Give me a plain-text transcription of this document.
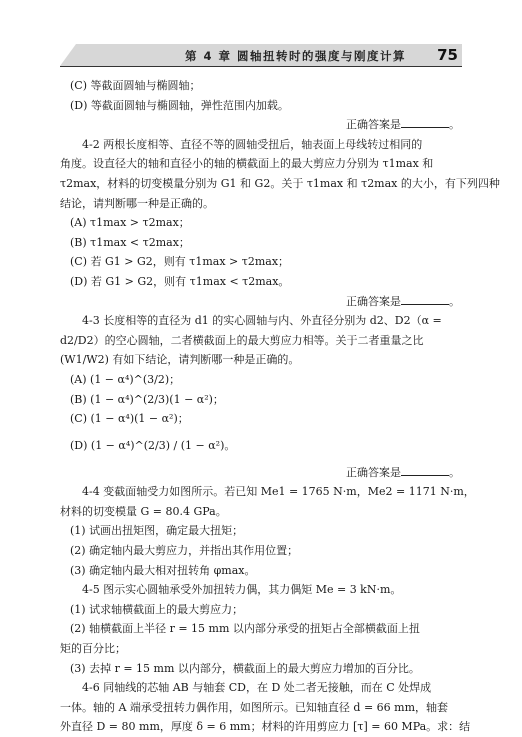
第 4 章 圆轴扭转时的强度与刚度计算 75
(C) 等截面圆轴与椭圆轴；
(D) 等截面圆轴与椭圆轴，弹性范围内加载。
正确答案是	。
4-2 两根长度相等、直径不等的圆轴受扭后，轴表面上母线转过相同的
角度。设直径大的轴和直径小的轴的横截面上的最大剪应力分别为 τ1max 和
τ2max，材料的切变模量分别为 G1 和 G2。关于 τ1max 和 τ2max 的大小，有下列四种
结论，请判断哪一种是正确的。
(A) τ1max > τ2max；
(B) τ1max < τ2max；
(C) 若 G1 > G2，则有 τ1max > τ2max；
(D) 若 G1 > G2，则有 τ1max < τ2max。
正确答案是	。
4-3 长度相等的直径为 d1 的实心圆轴与内、外直径分别为 d2、D2（α =
d2/D2）的空心圆轴，二者横截面上的最大剪应力相等。关于二者重量之比
(W1/W2) 有如下结论，请判断哪一种是正确的。
(A) (1 − α⁴)^(3/2)；
(B) (1 − α⁴)^(2/3)(1 − α²)；
(C) (1 − α⁴)(1 − α²)；
(D) (1 − α⁴)^(2/3) / (1 − α²)。
正确答案是	。
4-4 变截面轴受力如图所示。若已知 Me1 = 1765 N·m，Me2 = 1171 N·m，
材料的切变模量 G = 80.4 GPa。
(1) 试画出扭矩图，确定最大扭矩；
(2) 确定轴内最大剪应力，并指出其作用位置；
(3) 确定轴内最大相对扭转角 φmax。
4-5 图示实心圆轴承受外加扭转力偶，其力偶矩 Me = 3 kN·m。
(1) 试求轴横截面上的最大剪应力；
(2) 轴横截面上半径 r = 15 mm 以内部分承受的扭矩占全部横截面上扭
矩的百分比；
(3) 去掉 r = 15 mm 以内部分，横截面上的最大剪应力增加的百分比。
4-6 同轴线的芯轴 AB 与轴套 CD，在 D 处二者无接触，而在 C 处焊成
一体。轴的 A 端承受扭转力偶作用，如图所示。已知轴直径 d = 66 mm，轴套
外直径 D = 80 mm，厚度 δ = 6 mm；材料的许用剪应力 [τ] = 60 MPa。求：结
